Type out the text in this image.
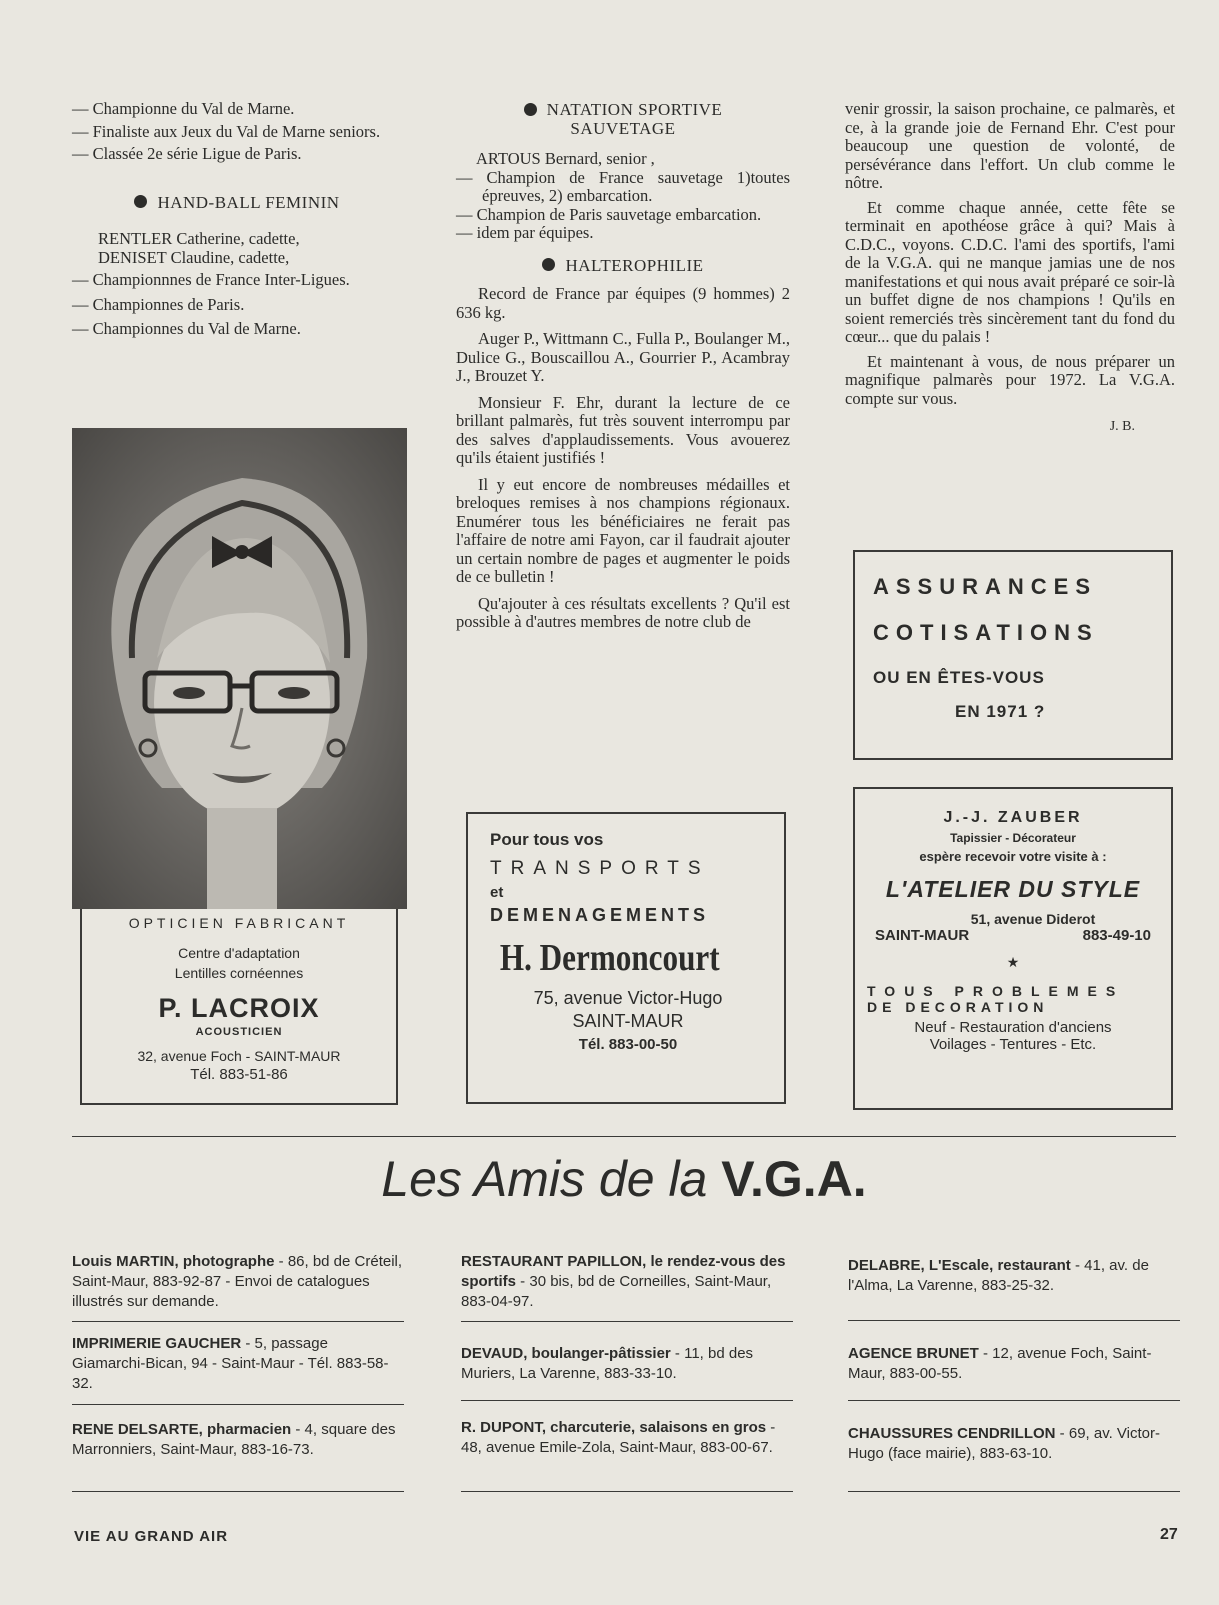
— Championne du Val de Marne.

— Finaliste aux Jeux du Val de Marne seniors.

— Classée 2e série Ligue de Paris.

HAND-BALL FEMININ

RENTLER Catherine, cadette,

DENISET Claudine, cadette,

— Championnnes de France Inter-Ligues.

— Championnes de Paris.

— Championnes du Val de Marne.

OPTICIEN FABRICANT
Centre d'adaptation
Lentilles cornéennes
P. LACROIX
ACOUSTICIEN
32, avenue Foch - SAINT-MAUR
Tél. 883-51-86

NATATION SPORTIVE SAUVETAGE

ARTOUS Bernard, senior ,

— Champion de France sauvetage 1)toutes épreuves, 2) embarcation.

— Champion de Paris sauvetage embarcation.

— idem par équipes.

HALTEROPHILIE

Record de France par équipes (9 hommes) 2 636 kg.

Auger P., Wittmann C., Fulla P., Boulanger M., Dulice G., Bouscaillou A., Gourrier P., Acambray J., Brouzet Y.

Monsieur F. Ehr, durant la lecture de ce brillant palmarès, fut très souvent interrompu par des salves d'applaudissements. Vous avouerez qu'ils étaient justifiés !

Il y eut encore de nombreuses médailles et breloques remises à nos champions régionaux. Enumérer tous les bénéficiaires ne ferait pas l'affaire de notre ami Fayon, car il faudrait ajouter un certain nombre de pages et augmenter le poids de ce bulletin !

Qu'ajouter à ces résultats excellents ? Qu'il est possible à d'autres membres de notre club de

Pour tous vos
TRANSPORTS
et
DEMENAGEMENTS
H. Dermoncourt
75, avenue Victor-Hugo
SAINT-MAUR
Tél. 883-00-50

venir grossir, la saison prochaine, ce palmarès, et ce, à la grande joie de Fernand Ehr. C'est pour beaucoup une question de volonté, de persévérance dans l'effort. Un club comme le nôtre.

Et comme chaque année, cette fête se terminait en apothéose grâce à qui? Mais à C.D.C., voyons. C.D.C. l'ami des sportifs, l'ami de la V.G.A. qui ne manque jamias une de nos manifestations et qui nous avait préparé ce soir-là un buffet digne de nos champions ! Qu'ils en soient remerciés très sincèrement tant du fond du cœur... que du palais !

Et maintenant à vous, de nous préparer un magnifique palmarès pour 1972. La V.G.A. compte sur vous.

J. B.

ASSURANCES
COTISATIONS
OU EN ÊTES-VOUS
EN 1971 ?
J.-J. ZAUBER
Tapissier - Décorateur
espère recevoir votre visite à :
L'ATELIER DU STYLE
51, avenue Diderot
SAINT-MAUR	883-49-10
★
TOUS PROBLEMES
DE DECORATION
Neuf - Restauration d'anciens
Voilages - Tentures - Etc.
Les Amis de la V.G.A.
Louis MARTIN, photographe - 86, bd de Créteil, Saint-Maur, 883-92-87 - Envoi de catalogues illustrés sur demande.
IMPRIMERIE GAUCHER - 5, passage Giamarchi-Bican, 94 - Saint-Maur - Tél. 883-58-32.
RENE DELSARTE, pharmacien - 4, square des Marronniers, Saint-Maur, 883-16-73.
RESTAURANT PAPILLON, le rendez-vous des sportifs - 30 bis, bd de Corneilles, Saint-Maur, 883-04-97.
DEVAUD, boulanger-pâtissier - 11, bd des Muriers, La Varenne, 883-33-10.
R. DUPONT, charcuterie, salaisons en gros - 48, avenue Emile-Zola, Saint-Maur, 883-00-67.
DELABRE, L'Escale, restaurant - 41, av. de l'Alma, La Varenne, 883-25-32.
AGENCE BRUNET - 12, avenue Foch, Saint-Maur, 883-00-55.
CHAUSSURES CENDRILLON - 69, av. Victor-Hugo (face mairie), 883-63-10.
VIE AU GRAND AIR	27
